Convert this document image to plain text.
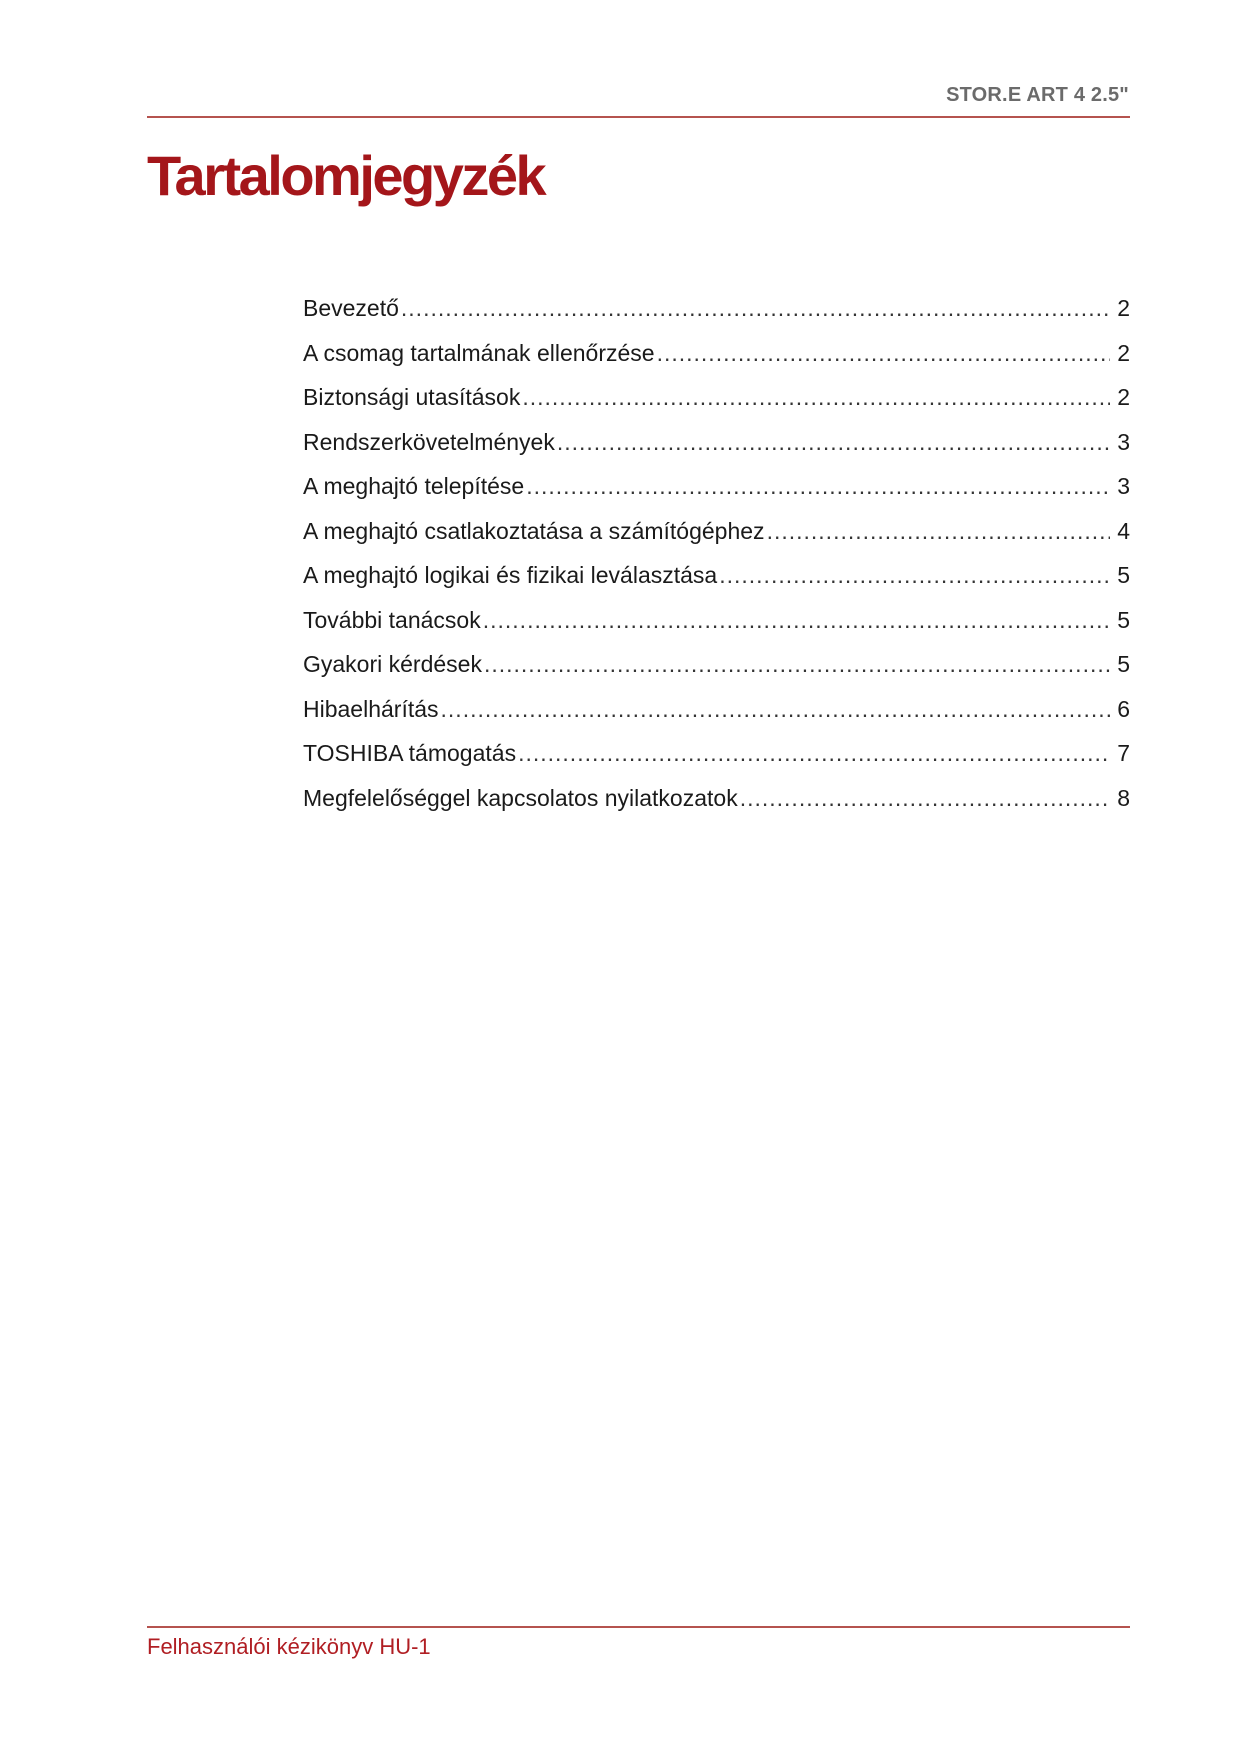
STOR.E ART 4 2.5"
Tartalomjegyzék
Bevezető .....	2
A csomag tartalmának ellenőrzése .....	2
Biztonsági utasítások .....	2
Rendszerkövetelmények .....	3
A meghajtó telepítése .....	3
A meghajtó csatlakoztatása a számítógéphez .....	4
A meghajtó logikai és fizikai leválasztása .....	5
További tanácsok .....	5
Gyakori kérdések .....	5
Hibaelhárítás .....	6
TOSHIBA támogatás .....	7
Megfelelőséggel kapcsolatos nyilatkozatok .....	8
Felhasználói kézikönyv HU-1
